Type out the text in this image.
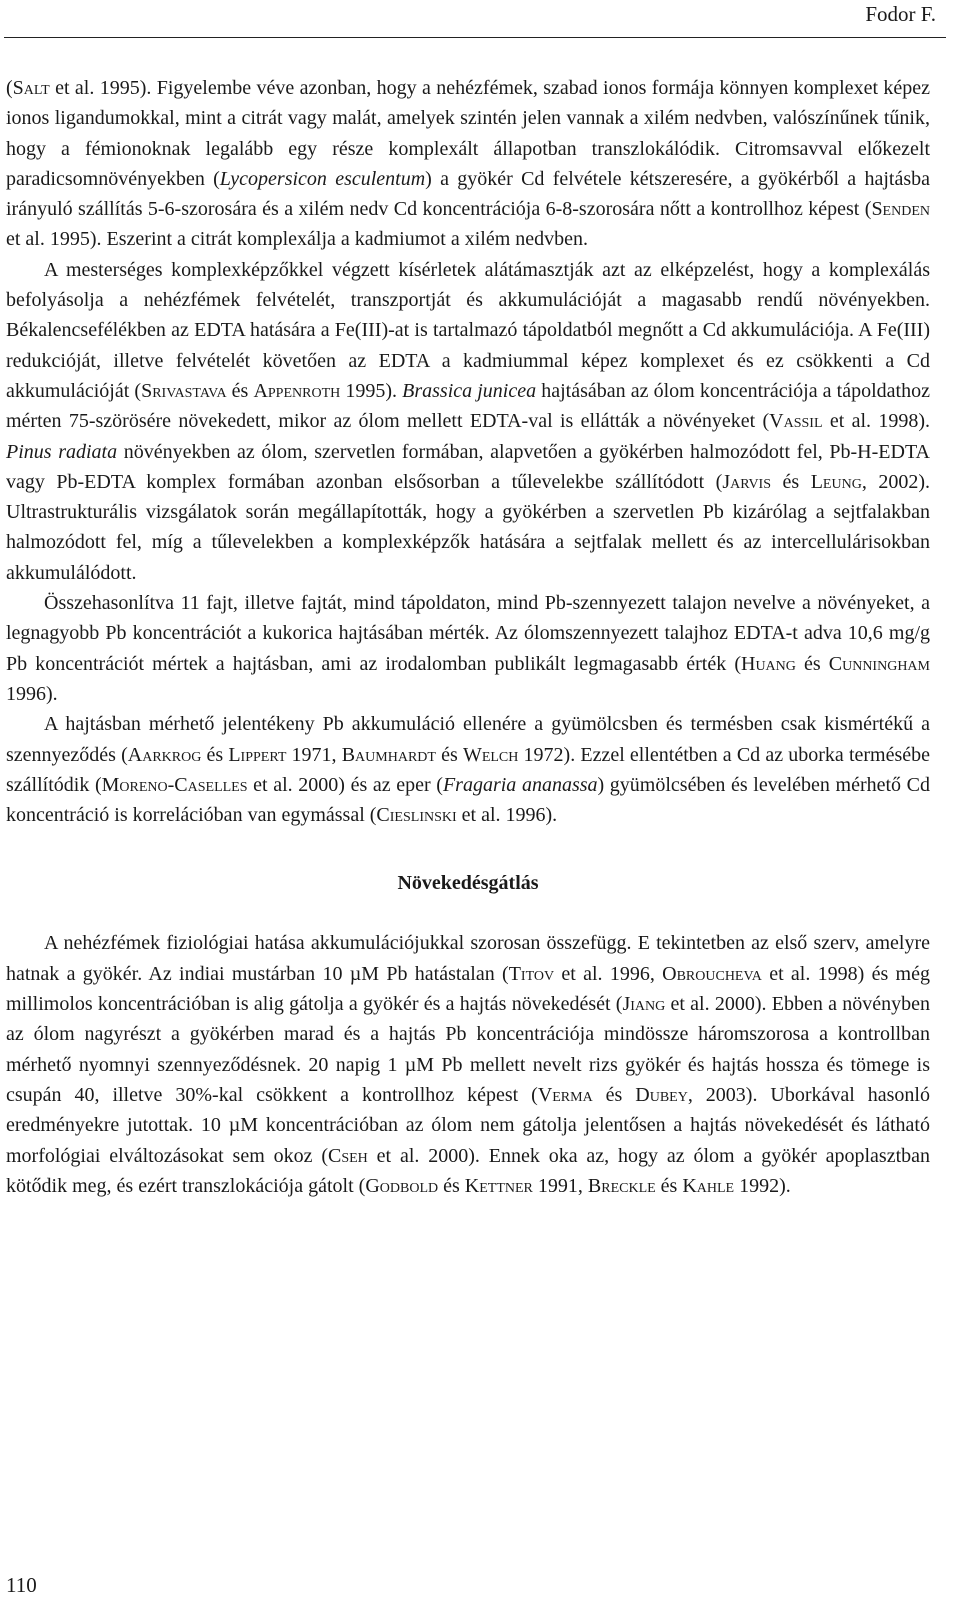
Fodor F.

(Salt et al. 1995). Figyelembe véve azonban, hogy a nehézfémek, szabad ionos formája könnyen komplexet képez ionos ligandumokkal, mint a citrát vagy malát, amelyek szintén jelen vannak a xilém nedvben, valószínűnek tűnik, hogy a fémionoknak legalább egy része komplexált állapotban transzlokálódik. Citromsavval előkezelt paradicsomnövényekben (Lycopersicon esculentum) a gyökér Cd felvétele kétszeresére, a gyökérből a hajtásba irányuló szállítás 5-6-szorosára és a xilém nedv Cd koncentrációja 6-8-szorosára nőtt a kontrollhoz képest (Senden et al. 1995). Eszerint a citrát komplexálja a kadmiumot a xilém nedvben.

A mesterséges komplexképzőkkel végzett kísérletek alátámasztják azt az elképzelést, hogy a komplexálás befolyásolja a nehézfémek felvételét, transzportját és akkumulációját a magasabb rendű növényekben. Békalencsefélékben az EDTA hatására a Fe(III)-at is tartalmazó tápoldatból megnőtt a Cd akkumulációja. A Fe(III) redukcióját, illetve felvételét követően az EDTA a kadmiummal képez komplexet és ez csökkenti a Cd akkumulációját (Srivastava és Appenroth 1995). Brassica junicea hajtásában az ólom koncentrációja a tápoldathoz mérten 75-szörösére növekedett, mikor az ólom mellett EDTA-val is ellátták a növényeket (Vassil et al. 1998). Pinus radiata növényekben az ólom, szervetlen formában, alapvetően a gyökérben halmozódott fel, Pb-H-EDTA vagy Pb-EDTA komplex formában azonban elsősorban a tűlevelekbe szállítódott (Jarvis és Leung, 2002). Ultrastrukturális vizsgálatok során megállapították, hogy a gyökérben a szervetlen Pb kizárólag a sejtfalakban halmozódott fel, míg a tűlevelekben a komplexképzők hatására a sejtfalak mellett és az intercellulárisokban akkumulálódott.

Összehasonlítva 11 fajt, illetve fajtát, mind tápoldaton, mind Pb-szennyezett talajon nevelve a növényeket, a legnagyobb Pb koncentrációt a kukorica hajtásában mérték. Az ólomszennyezett talajhoz EDTA-t adva 10,6 mg/g Pb koncentrációt mértek a hajtásban, ami az irodalomban publikált legmagasabb érték (Huang és Cunningham 1996).

A hajtásban mérhető jelentékeny Pb akkumuláció ellenére a gyümölcsben és termésben csak kismértékű a szennyeződés (Aarkrog és Lippert 1971, Baumhardt és Welch 1972). Ezzel ellentétben a Cd az uborka termésébe szállítódik (Moreno-Caselles et al. 2000) és az eper (Fragaria ananassa) gyümölcsében és levelében mérhető Cd koncentráció is korrelációban van egymással (Cieslinski et al. 1996).

Növekedésgátlás

A nehézfémek fiziológiai hatása akkumulációjukkal szorosan összefügg. E tekintetben az első szerv, amelyre hatnak a gyökér. Az indiai mustárban 10 µM Pb hatástalan (Titov et al. 1996, Obroucheva et al. 1998) és még millimolos koncentrációban is alig gátolja a gyökér és a hajtás növekedését (Jiang et al. 2000). Ebben a növényben az ólom nagyrészt a gyökérben marad és a hajtás Pb koncentrációja mindössze háromszorosa a kontrollban mérhető nyomnyi szennyeződésnek. 20 napig 1 µM Pb mellett nevelt rizs gyökér és hajtás hossza és tömege is csupán 40, illetve 30%-kal csökkent a kontrollhoz képest (Verma és Dubey, 2003). Uborkával hasonló eredményekre jutottak. 10 µM koncentrációban az ólom nem gátolja jelentősen a hajtás növekedését és látható morfológiai elváltozásokat sem okoz (Cseh et al. 2000). Ennek oka az, hogy az ólom a gyökér apoplasztban kötődik meg, és ezért transzlokációja gátolt (Godbold és Kettner 1991, Breckle és Kahle 1992).

110
